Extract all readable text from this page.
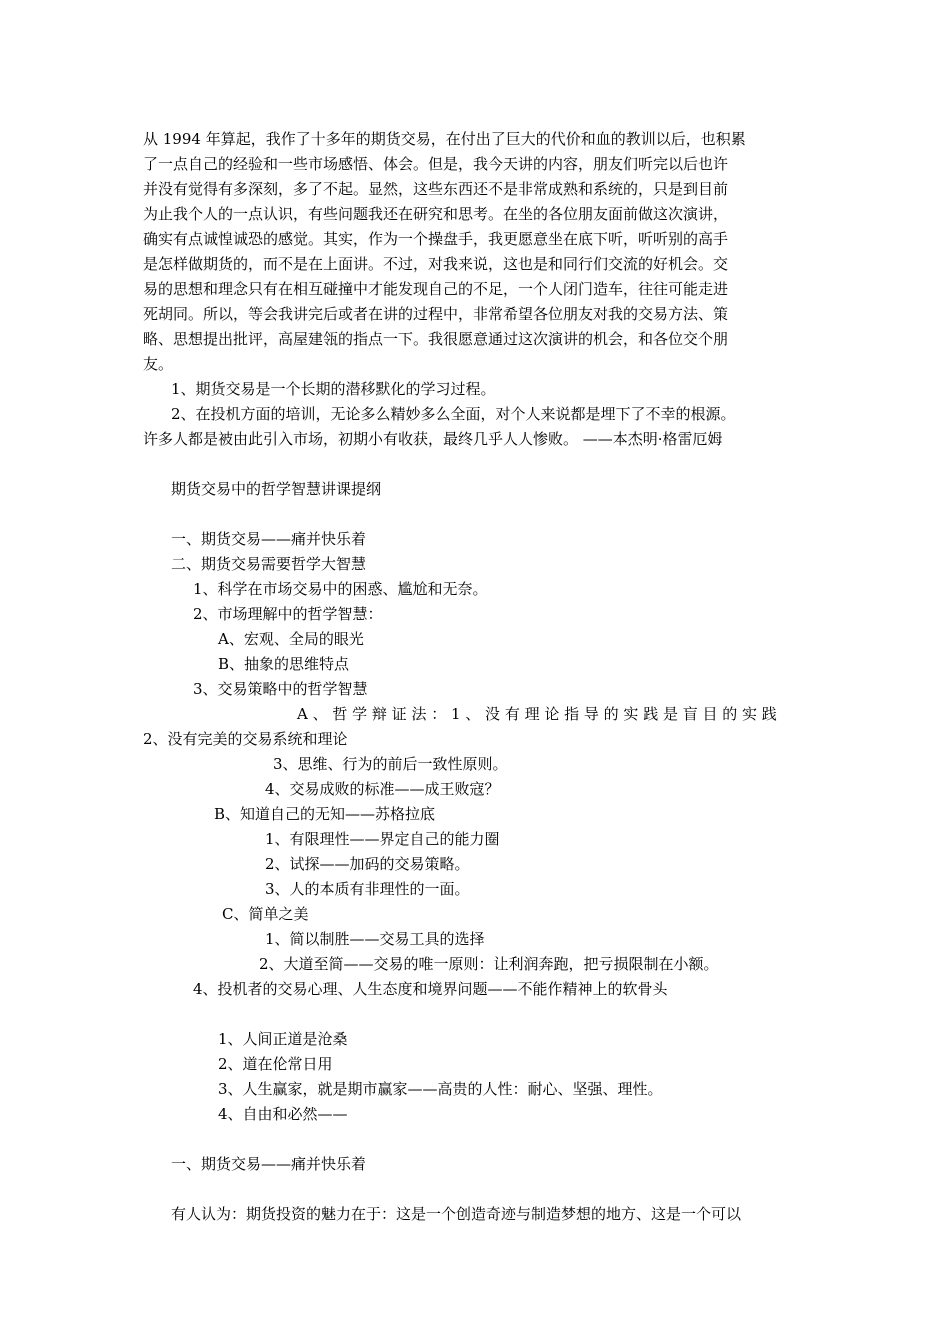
从 1994 年算起，我作了十多年的期货交易，在付出了巨大的代价和血的教训以后，也积累
了一点自己的经验和一些市场感悟、体会。但是，我今天讲的内容，朋友们听完以后也许
并没有觉得有多深刻，多了不起。显然，这些东西还不是非常成熟和系统的，只是到目前
为止我个人的一点认识，有些问题我还在研究和思考。在坐的各位朋友面前做这次演讲，
确实有点诚惶诚恐的感觉。其实，作为一个操盘手，我更愿意坐在底下听，听听别的高手
是怎样做期货的，而不是在上面讲。不过，对我来说，这也是和同行们交流的好机会。交
易的思想和理念只有在相互碰撞中才能发现自己的不足，一个人闭门造车，往往可能走进
死胡同。所以，等会我讲完后或者在讲的过程中，非常希望各位朋友对我的交易方法、策
略、思想提出批评，高屋建瓴的指点一下。我很愿意通过这次演讲的机会，和各位交个朋
友。
1、期货交易是一个长期的潜移默化的学习过程。
2、在投机方面的培训，无论多么精妙多么全面，对个人来说都是埋下了不幸的根源。
许多人都是被由此引入市场，初期小有收获，最终几乎人人惨败。 ——本杰明·格雷厄姆
期货交易中的哲学智慧讲课提纲
一、期货交易——痛并快乐着
二、期货交易需要哲学大智慧
1、科学在市场交易中的困惑、尴尬和无奈。
2、市场理解中的哲学智慧：
A、宏观、全局的眼光
B、抽象的思维特点
3、交易策略中的哲学智慧
A 、 哲 学 辩 证 法 ： 1 、 没 有 理 论 指 导 的 实 践 是 盲 目 的 实 践
2、没有完美的交易系统和理论
3、思维、行为的前后一致性原则。
4、交易成败的标准——成王败寇？
B、知道自己的无知——苏格拉底
1、有限理性——界定自己的能力圈
2、试探——加码的交易策略。
3、人的本质有非理性的一面。
C、简单之美
1、简以制胜——交易工具的选择
2、大道至简——交易的唯一原则：让利润奔跑，把亏损限制在小额。
4、投机者的交易心理、人生态度和境界问题——不能作精神上的软骨头
1、人间正道是沧桑
2、道在伦常日用
3、人生赢家，就是期市赢家——高贵的人性：耐心、坚强、理性。
4、自由和必然——
一、期货交易——痛并快乐着
有人认为：期货投资的魅力在于：这是一个创造奇迹与制造梦想的地方、这是一个可以
